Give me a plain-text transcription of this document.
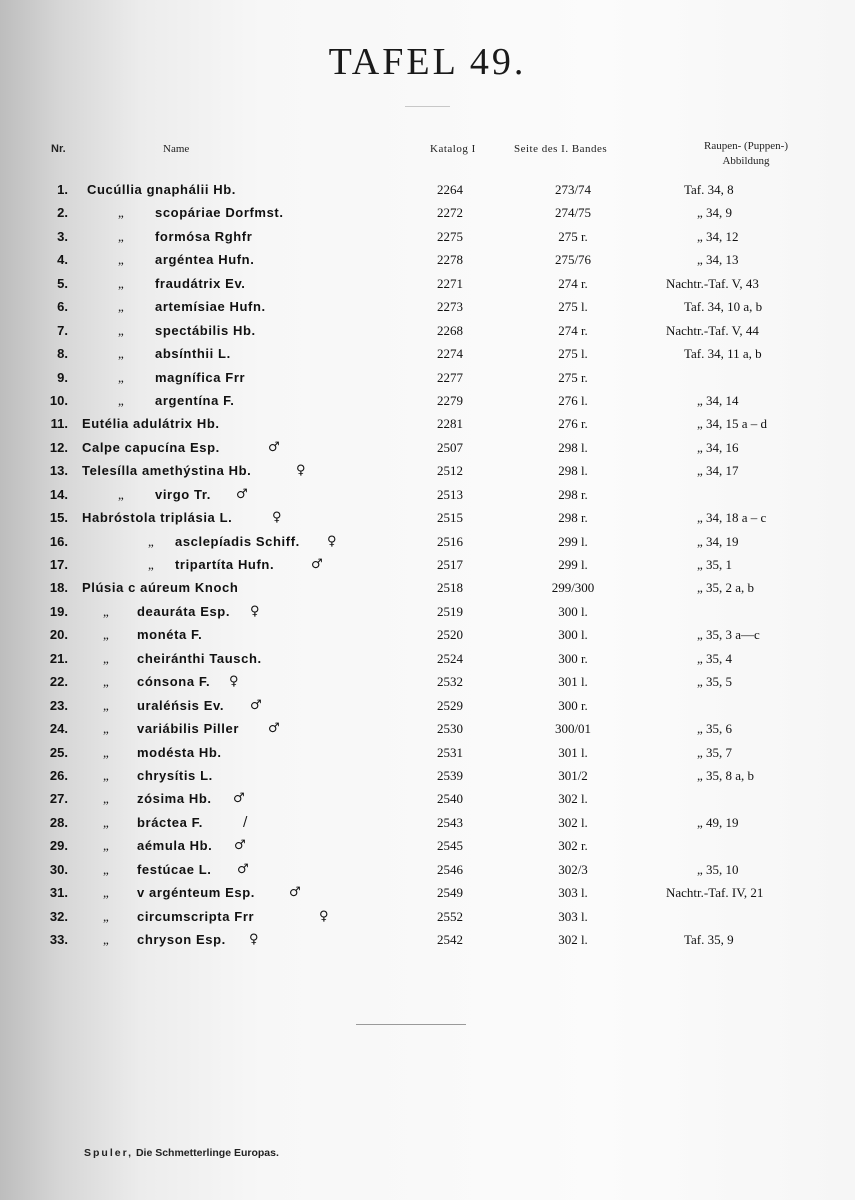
TAFEL 49.
Nr.	Name	Katalog I	Seite des I. Bandes	Raupen- (Puppen-)
Abbildung
1. Cucúllia gnaphálii Hb.	2264	273/74	Taf. 34, 8
2.	„ scopáriae Dorfmst.	2272	274/75	„ 34, 9
3.	„ formósa Rghfr	2275	275 r.	„ 34, 12
4.	„ argéntea Hufn.	2278	275/76	„ 34, 13
5.	„ fraudátrix Ev.	2271	274 r.	Nachtr.-Taf. V, 43
6.	„ artemísiae Hufn.	2273	275 l.	Taf. 34, 10 a, b
7.	„ spectábilis Hb.	2268	274 r.	Nachtr.-Taf. V, 44
8.	„ absínthii L.	2274	275 l.	Taf. 34, 11 a, b
9.	„ magnífica Frr	2277	275 r.
10.	„ argentína F.	2279	276 l.	„ 34, 14
11. Eutélia adulátrix Hb.	2281	276 r.	„ 34, 15 a – d
12. Calpe capucína Esp.	♂	2507	298 l.	„ 34, 16
13. Telesílla amethýstina Hb.	♀	2512	298 l.	„ 34, 17
14.	„ virgo Tr. ♂	2513	298 r.
15. Habróstola triplásia L.	♀	2515	298 r.	„ 34, 18 a – c
16.	„ asclepíadis Schiff. ♀	2516	299 l.	„ 34, 19
17.	„ tripartíta Hufn.	♂	2517	299 l.	„ 35, 1
18. Plúsia c aúreum Knoch	2518	299/300	„ 35, 2 a, b
19.	„ deauráta Esp. ♀	2519	300 l.
20.	„ monéta F.	2520	300 l.	„ 35, 3 a—c
21.	„ cheiránthi Tausch.	2524	300 r.	„ 35, 4
22.	„ cónsona F. ♀	2532	301 l.	„ 35, 5
23.	„ uraléńsis Ev. ♂	2529	300 r.
24.	„ variábilis Piller ♂	2530	300/01	„ 35, 6
25.	„ modésta Hb.	2531	301 l.	„ 35, 7
26.	„ chrysítis L.	2539	301/2	„ 35, 8 a, b
27.	„ zósima Hb. ♂	2540	302 l.
28.	„ bráctea F.	/	2543	302 l.	„ 49, 19
29.	„ aémula Hb. ♂	2545	302 r.
30.	„ festúcae L. ♂	2546	302/3	„ 35, 10
31.	„ v argénteum Esp.	♂	2549	303 l.	Nachtr.-Taf. IV, 21
32.	„ circumscripta Frr	♀	2552	303 l.
33.	„ chryson Esp. ♀	2542	302 l.	Taf. 35, 9
Spuler, Die Schmetterlinge Europas.
